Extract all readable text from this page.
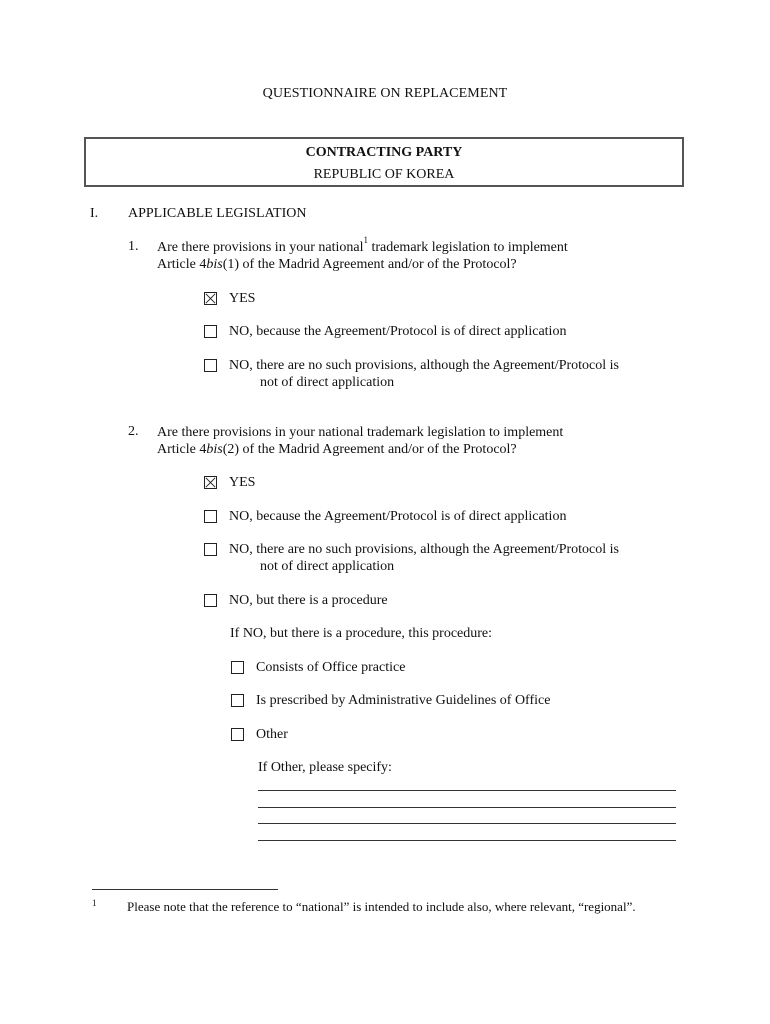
QUESTIONNAIRE ON REPLACEMENT
CONTRACTING PARTY
REPUBLIC OF KOREA
I. APPLICABLE LEGISLATION
1. Are there provisions in your national$^1$ trademark legislation to implement
Article 4bis(1) of the Madrid Agreement and/or of the Protocol?
YES
NO, because the Agreement/Protocol is of direct application
NO, there are no such provisions, although the Agreement/Protocol is
not of direct application
2. Are there provisions in your national trademark legislation to implement
Article 4bis(2) of the Madrid Agreement and/or of the Protocol?
YES
NO, because the Agreement/Protocol is of direct application
NO, there are no such provisions, although the Agreement/Protocol is
not of direct application
NO, but there is a procedure
If NO, but there is a procedure, this procedure:
Consists of Office practice
Is prescribed by Administrative Guidelines of Office
Other
If Other, please specify:
1 Please note that the reference to “national” is intended to include also, where relevant, “regional”.
